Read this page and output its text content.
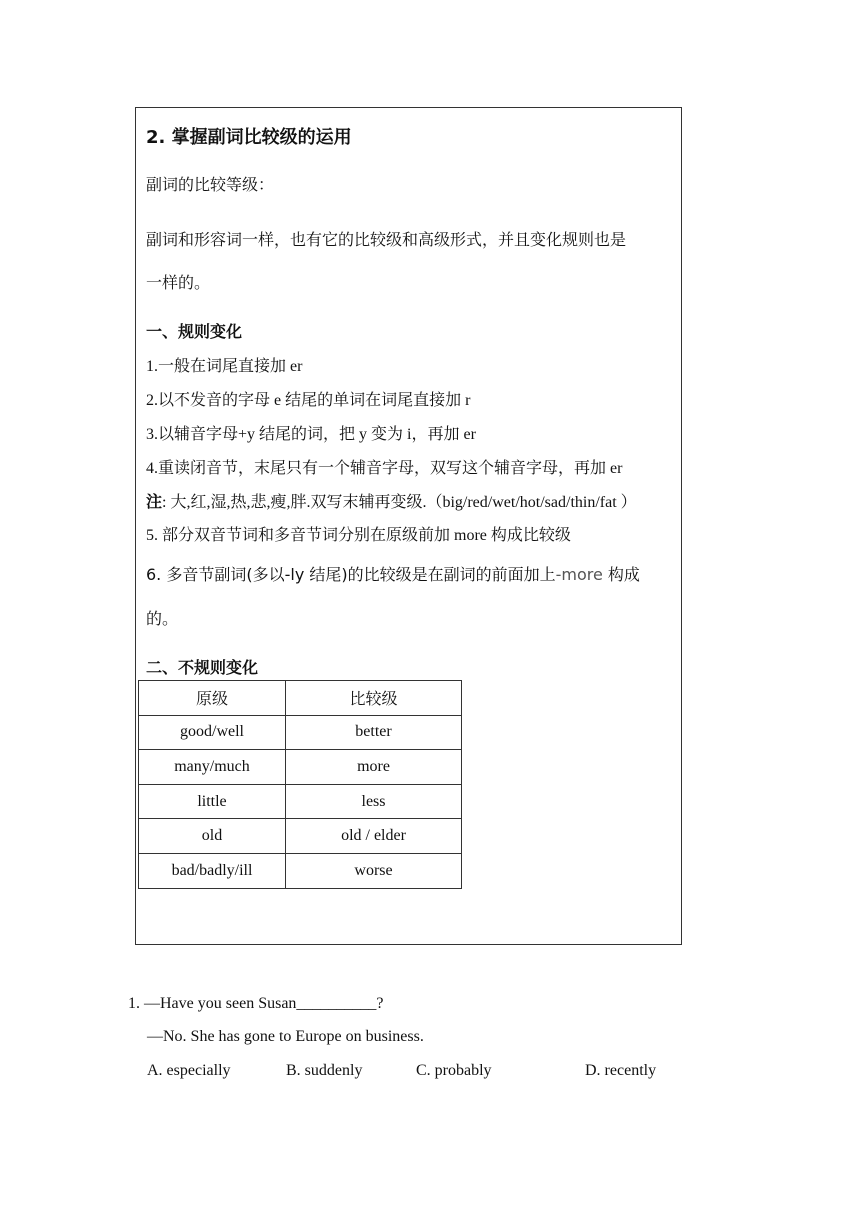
2. 掌握副词比较级的运用
副词的比较等级：
副词和形容词一样，也有它的比较级和高级形式，并且变化规则也是
一样的。
一、规则变化
1.一般在词尾直接加 er
2.以不发音的字母 e 结尾的单词在词尾直接加 r
3.以辅音字母+y 结尾的词，把 y 变为 i，再加 er
4.重读闭音节，末尾只有一个辅音字母，双写这个辅音字母，再加 er
注: 大,红,湿,热,悲,瘦,胖.双写末辅再变级.（big/red/wet/hot/sad/thin/fat ）
5. 部分双音节词和多音节词分别在原级前加 more 构成比较级
6. 多音节副词(多以-ly 结尾)的比较级是在副词的前面加上-more 构成
的。
二、不规则变化
原级	比较级
good/well	better
many/much	more
little	less
old	old / elder
bad/badly/ill	worse
1. —Have you seen Susan__________?
—No. She has gone to Europe on business.
A. especially	B. suddenly	C. probably	D. recently
